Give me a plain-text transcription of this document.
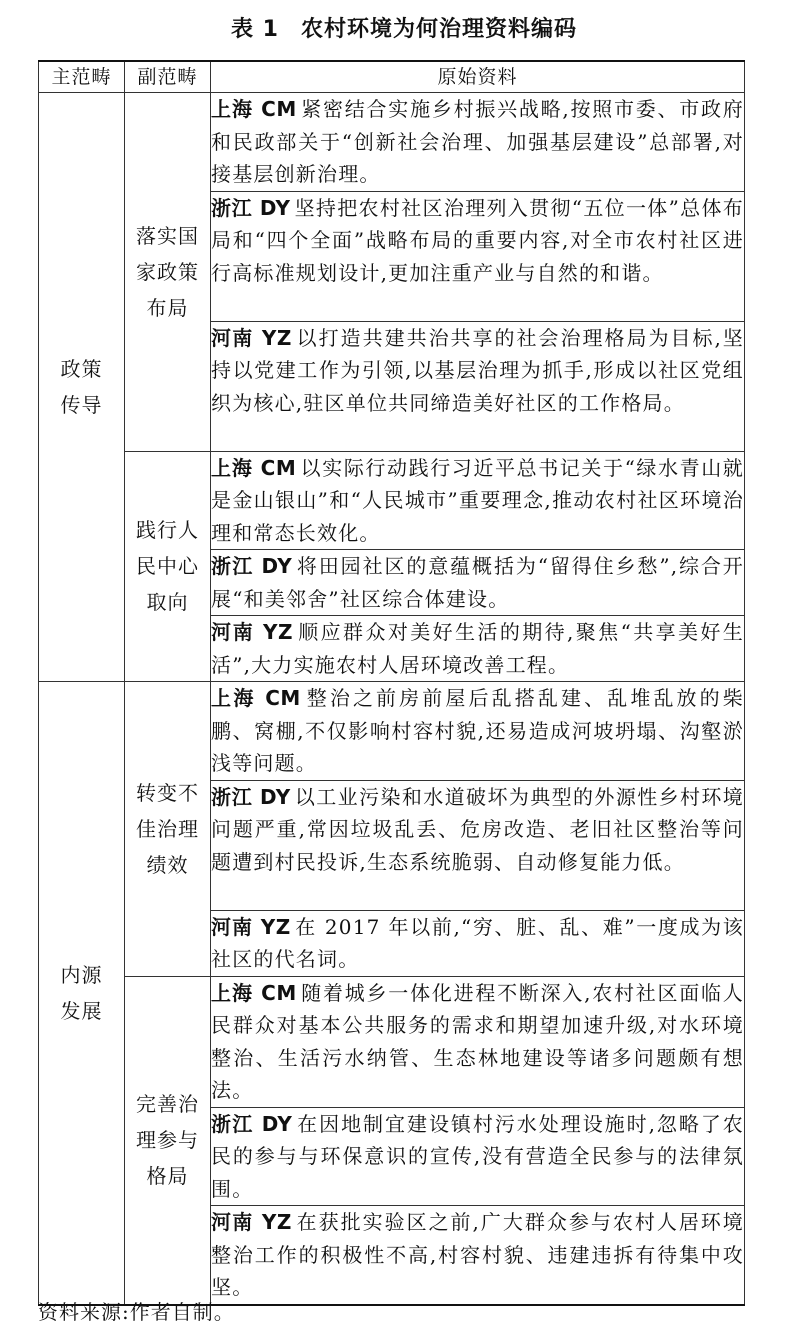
表 1 农村环境为何治理资料编码
主范畴	副范畴	原始资料
政策传导	落实国家政策布局	上海 CM 紧密结合实施乡村振兴战略,按照市委、市政府和民政部关于“创新社会治理、加强基层建设”总部署,对接基层创新治理。
		浙江 DY 坚持把农村社区治理列入贯彻“五位一体”总体布局和“四个全面”战略布局的重要内容,对全市农村社区进行高标准规划设计,更加注重产业与自然的和谐。
		河南 YZ 以打造共建共治共享的社会治理格局为目标,坚持以党建工作为引领,以基层治理为抓手,形成以社区党组织为核心,驻区单位共同缔造美好社区的工作格局。
	践行人民中心取向	上海 CM 以实际行动践行习近平总书记关于“绿水青山就是金山银山”和“人民城市”重要理念,推动农村社区环境治理和常态长效化。
		浙江 DY 将田园社区的意蕴概括为“留得住乡愁”,综合开展“和美邻舍”社区综合体建设。
		河南 YZ 顺应群众对美好生活的期待,聚焦“共享美好生活”,大力实施农村人居环境改善工程。
内源发展	转变不佳治理绩效	上海 CM 整治之前房前屋后乱搭乱建、乱堆乱放的柴鹏、窝棚,不仅影响村容村貌,还易造成河坡坍塌、沟壑淤浅等问题。
		浙江 DY 以工业污染和水道破坏为典型的外源性乡村环境问题严重,常因垃圾乱丢、危房改造、老旧社区整治等问题遭到村民投诉,生态系统脆弱、自动修复能力低。
		河南 YZ 在 2017 年以前,“穷、脏、乱、难”一度成为该社区的代名词。
	完善治理参与格局	上海 CM 随着城乡一体化进程不断深入,农村社区面临人民群众对基本公共服务的需求和期望加速升级,对水环境整治、生活污水纳管、生态林地建设等诸多问题颇有想法。
		浙江 DY 在因地制宜建设镇村污水处理设施时,忽略了农民的参与与环保意识的宣传,没有营造全民参与的法律氛围。
		河南 YZ 在获批实验区之前,广大群众参与农村人居环境整治工作的积极性不高,村容村貌、违建违拆有待集中攻坚。
资料来源:作者自制。
